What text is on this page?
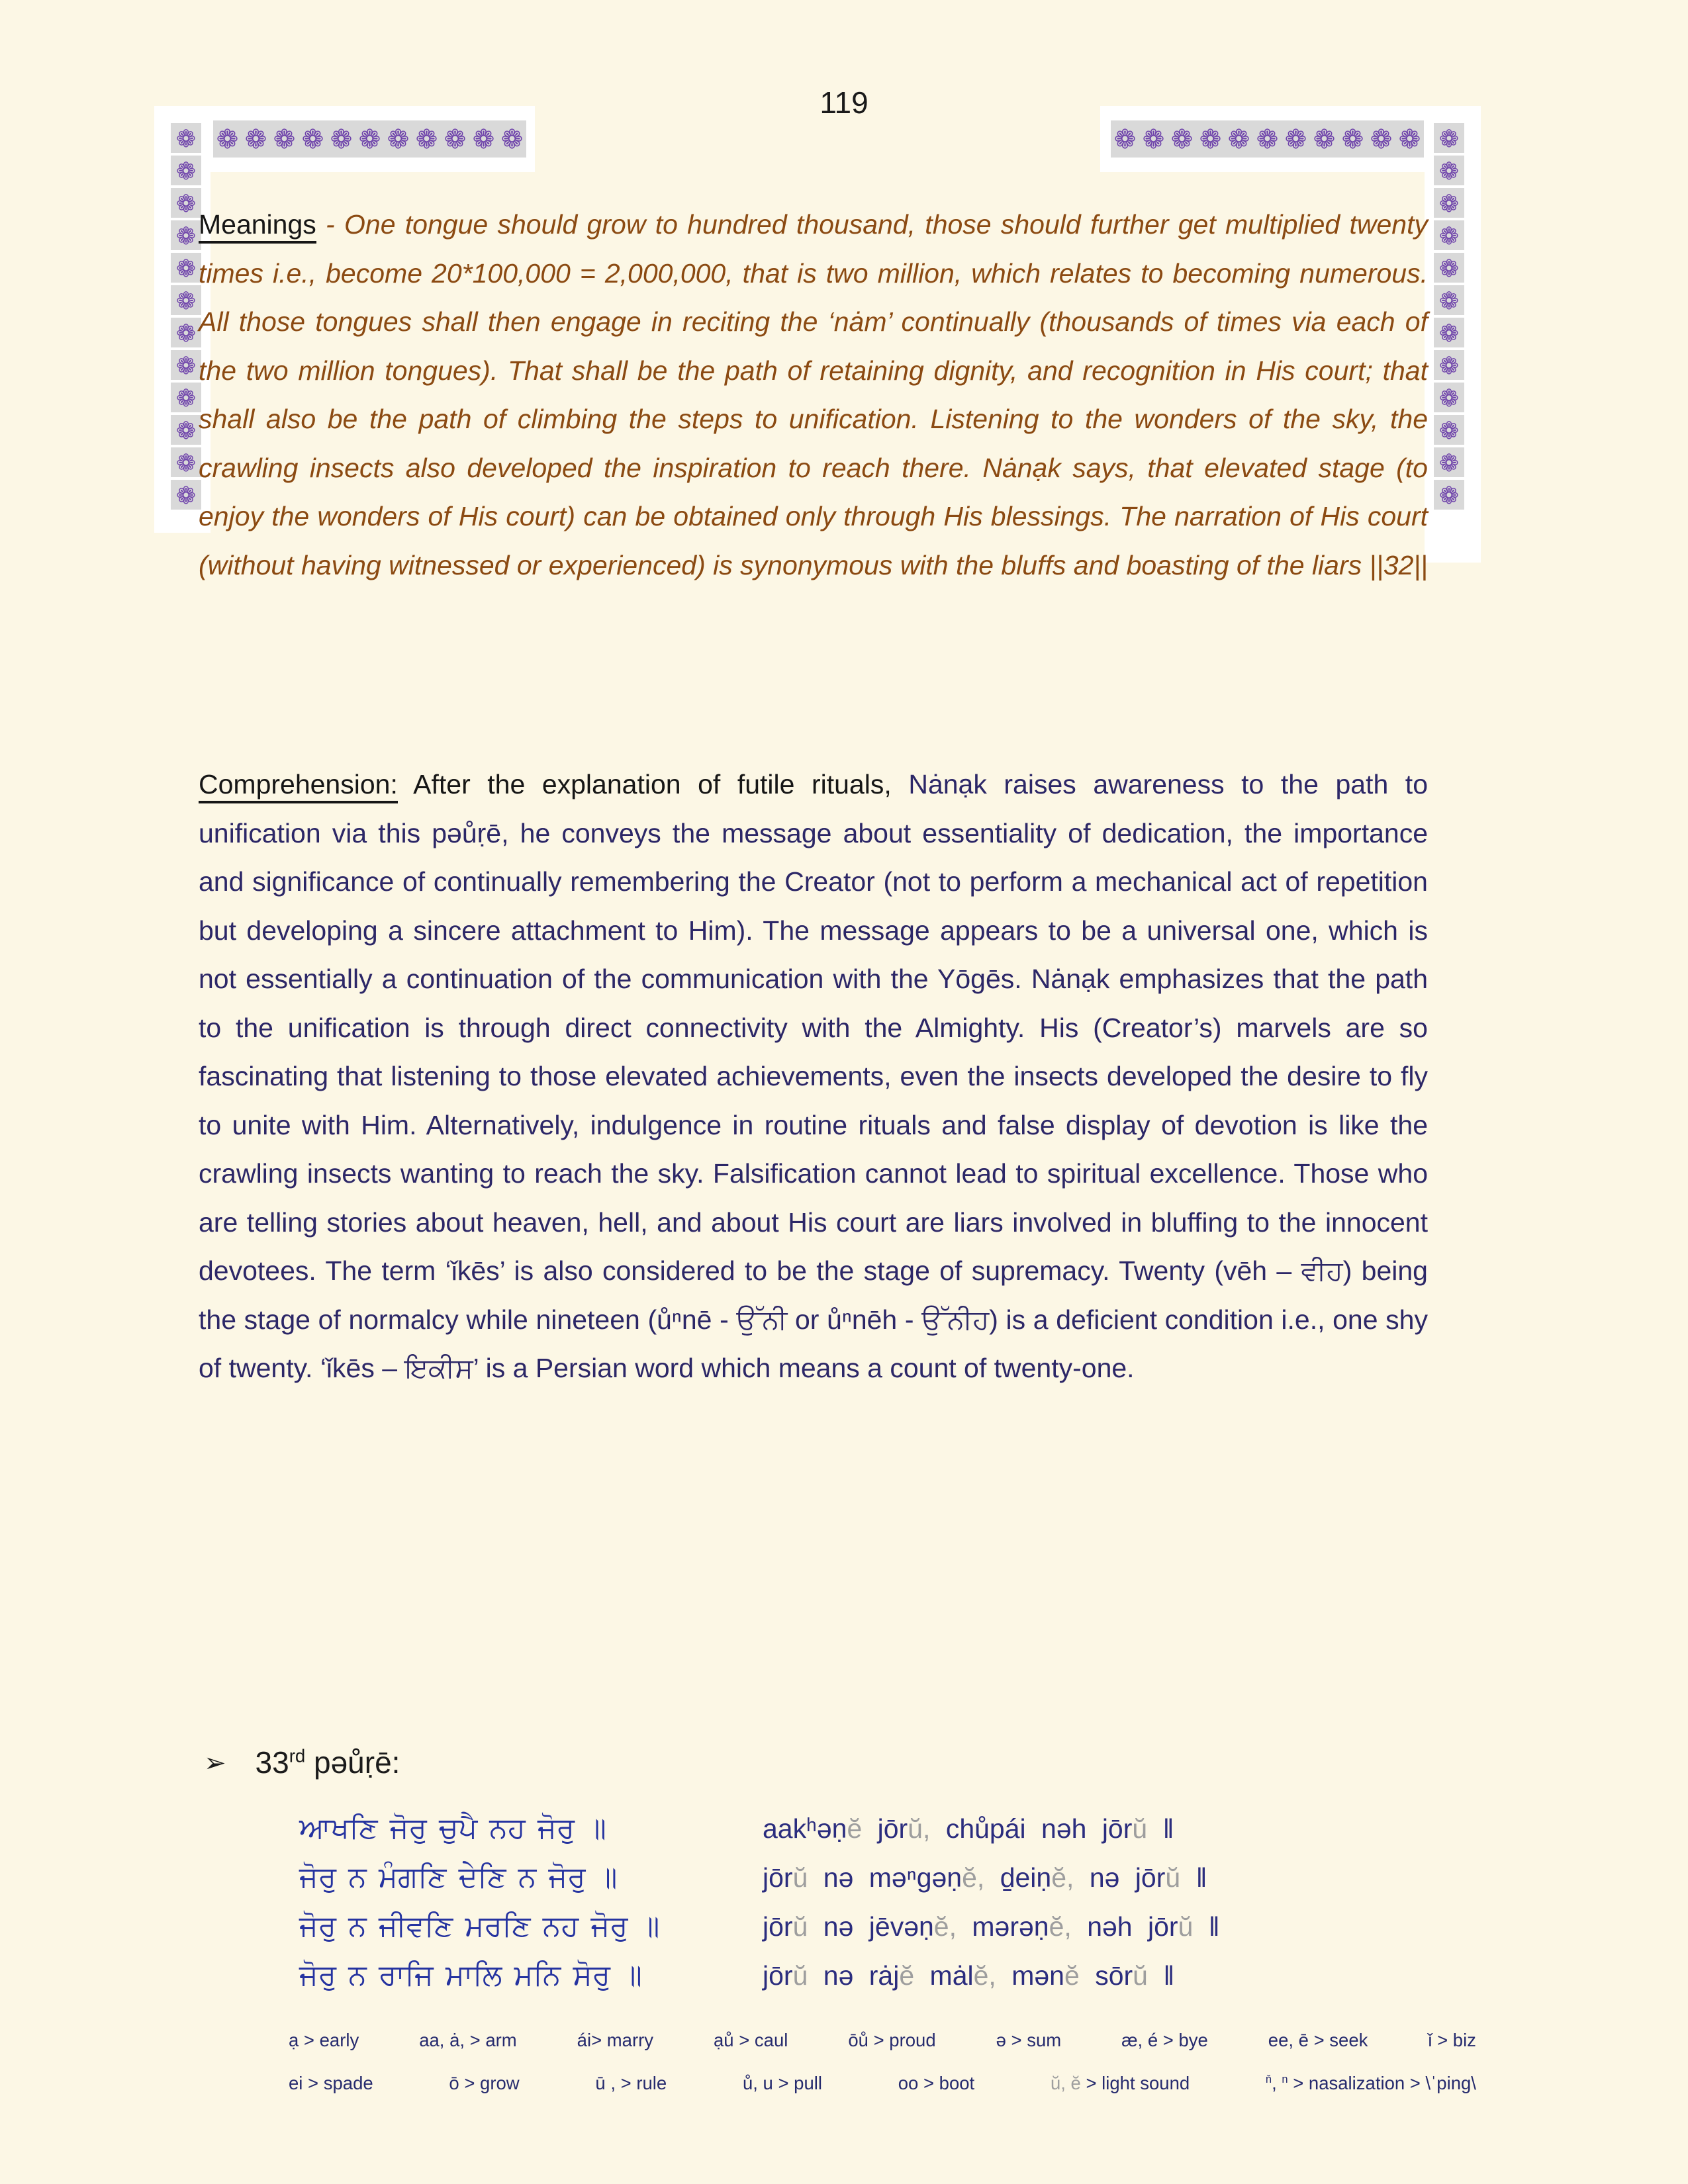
119
❁ ❁ ❁ ❁ ❁ ❁ ❁ ❁ ❁ ❁ ❁
❁
❁
❁
❁
❁
❁
❁
❁
❁
❁
❁
❁
❁ ❁ ❁ ❁ ❁ ❁ ❁ ❁ ❁ ❁ ❁ ❁
❁
❁
❁
❁
❁
❁
❁
❁
❁
❁
❁

Meanings - One tongue should grow to hundred thousand, those should further get multiplied twenty times i.e., become 20*100,000 = 2,000,000, that is two million, which relates to becoming numerous. All those tongues shall then engage in reciting the ‘nȧm’ continually (thousands of times via each of the two million tongues). That shall be the path of retaining dignity, and recognition in His court; that shall also be the path of climbing the steps to unification. Listening to the wonders of the sky, the crawling insects also developed the inspiration to reach there. Nȧnạk says, that elevated stage (to enjoy the wonders of His court) can be obtained only through His blessings. The narration of His court (without having witnessed or experienced) is synonymous with the bluffs and boasting of the liars ||32||

Comprehension: After the explanation of futile rituals, Nȧnạk raises awareness to the path to unification via this pəůṛē, he conveys the message about essentiality of dedication, the importance and significance of continually remembering the Creator (not to perform a mechanical act of repetition but developing a sincere attachment to Him). The message appears to be a universal one, which is not essentially a continuation of the communication with the Yōgēs. Nȧnạk emphasizes that the path to the unification is through direct connectivity with the Almighty. His (Creator’s) marvels are so fascinating that listening to those elevated achievements, even the insects developed the desire to fly to unite with Him. Alternatively, indulgence in routine rituals and false display of devotion is like the crawling insects wanting to reach the sky. Falsification cannot lead to spiritual excellence. Those who are telling stories about heaven, hell, and about His court are liars involved in bluffing to the innocent devotees. The term ‘ǐkēs’ is also considered to be the stage of supremacy. Twenty (vēh – ਵੀਹ) being the stage of normalcy while nineteen (ůⁿnē - ਉੱਨੀ or ůⁿnēh - ਉੱਨੀਹ) is a deficient condition i.e., one shy of twenty. ‘ǐkēs – ਇਕੀਸ’ is a Persian word which means a count of twenty-one.

➢ 33rd pəůṛē:
ਆਖਣਿ ਜੋਰੁ ਚੁਪੈ ਨਹ ਜੋਰੁ ॥	aakʰəṇĕ jōrŭ, chůpái nəh jōrŭ ‖
ਜੋਰੁ ਨ ਮੰਗਣਿ ਦੇਣਿ ਨ ਜੋਰੁ ॥	jōrŭ nə məⁿgəṇĕ, d̠eiṇĕ, nə jōrŭ ‖
ਜੋਰੁ ਨ ਜੀਵਣਿ ਮਰਣਿ ਨਹ ਜੋਰੁ ॥	jōrŭ nə jēvəṇĕ, mərəṇĕ, nəh jōrŭ ‖
ਜੋਰੁ ਨ ਰਾਜਿ ਮਾਲਿ ਮਨਿ ਸੋਰੁ ॥	jōrŭ nə rȧjĕ mȧlĕ, mənĕ sōrŭ ‖
ạ > early	aa, ȧ, > arm	ái> marry	ạů > caul	ōů > proud	ə > sum	æ, é > bye	ee, ē > seek	ǐ > biz
ei > spade	ō > grow	ū , > rule	ů, u > pull	oo > boot	ŭ, ĕ > light sound	$^ň$, $^n$ > nasalization > \ˈping\
